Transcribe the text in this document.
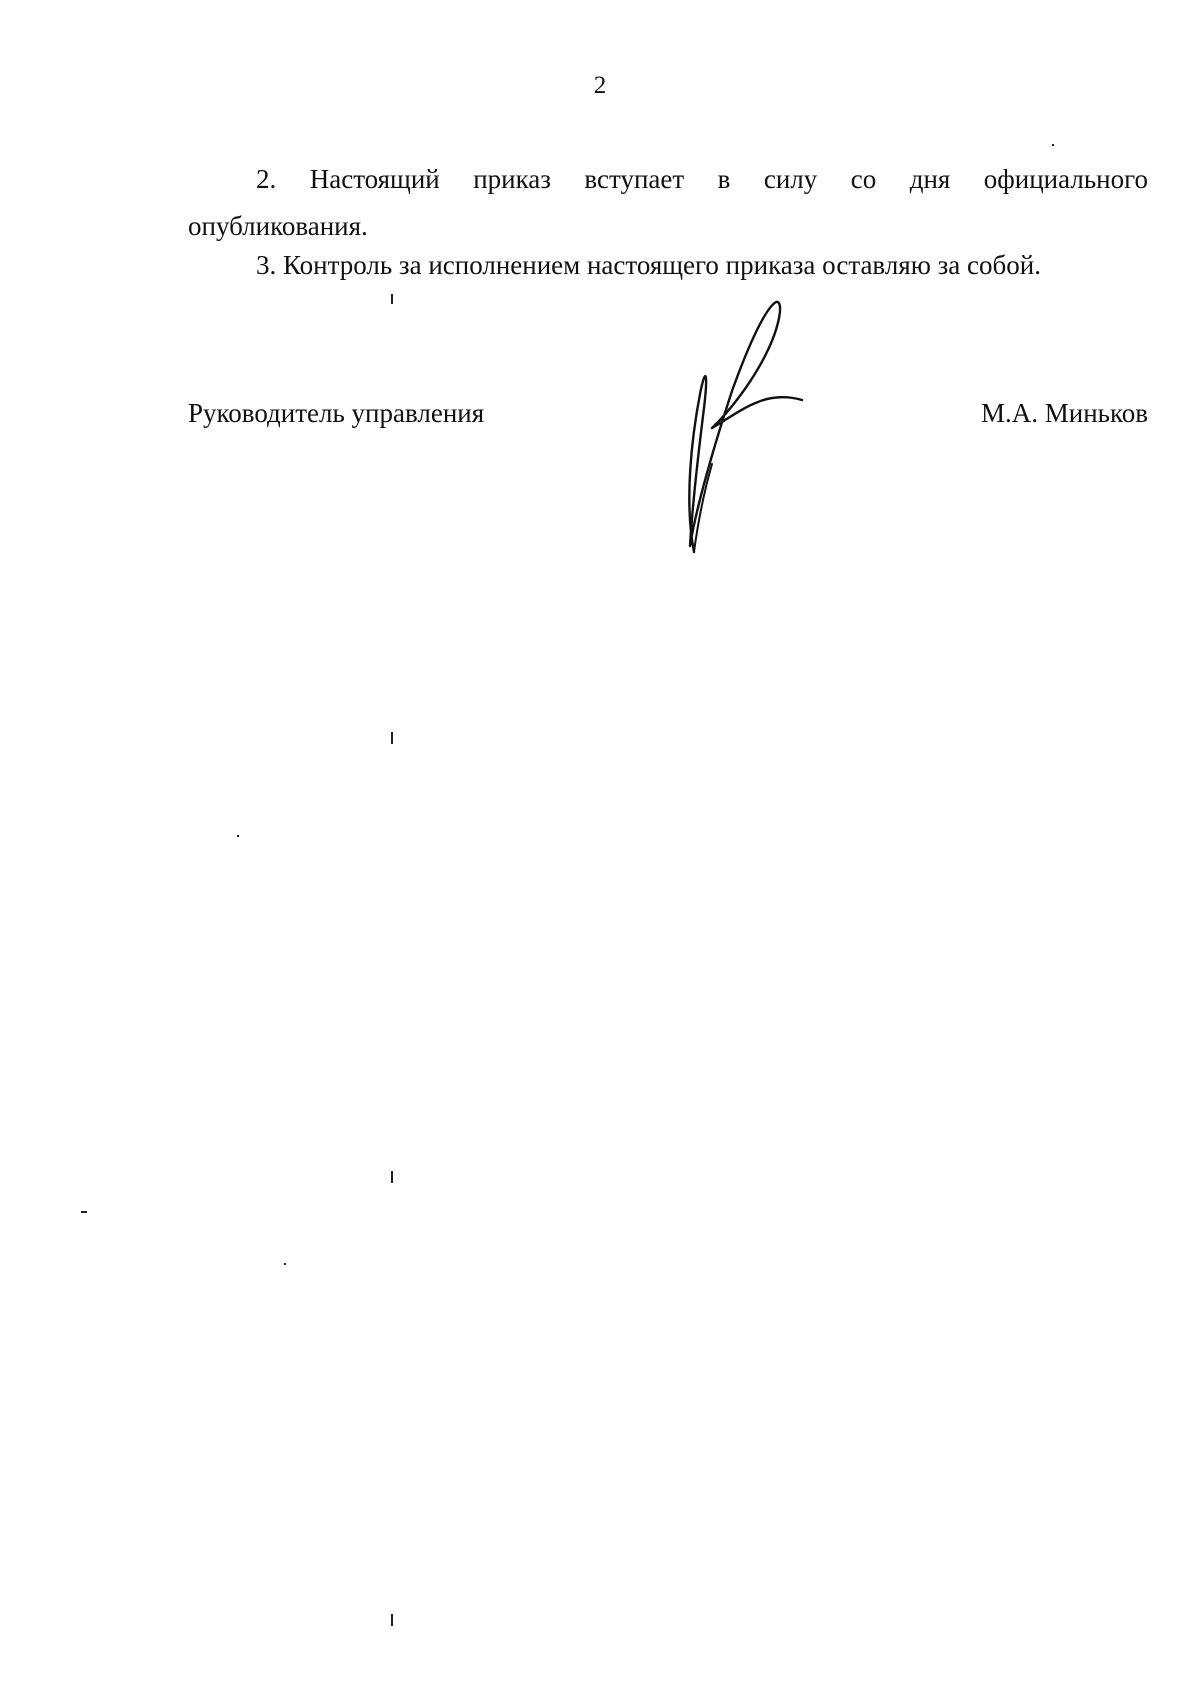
2

2. Настоящий приказ вступает в силу со дня официального опубликования.

3. Контроль за исполнением настоящего приказа оставляю за собой.

Руководитель управления	М.А. Миньков
